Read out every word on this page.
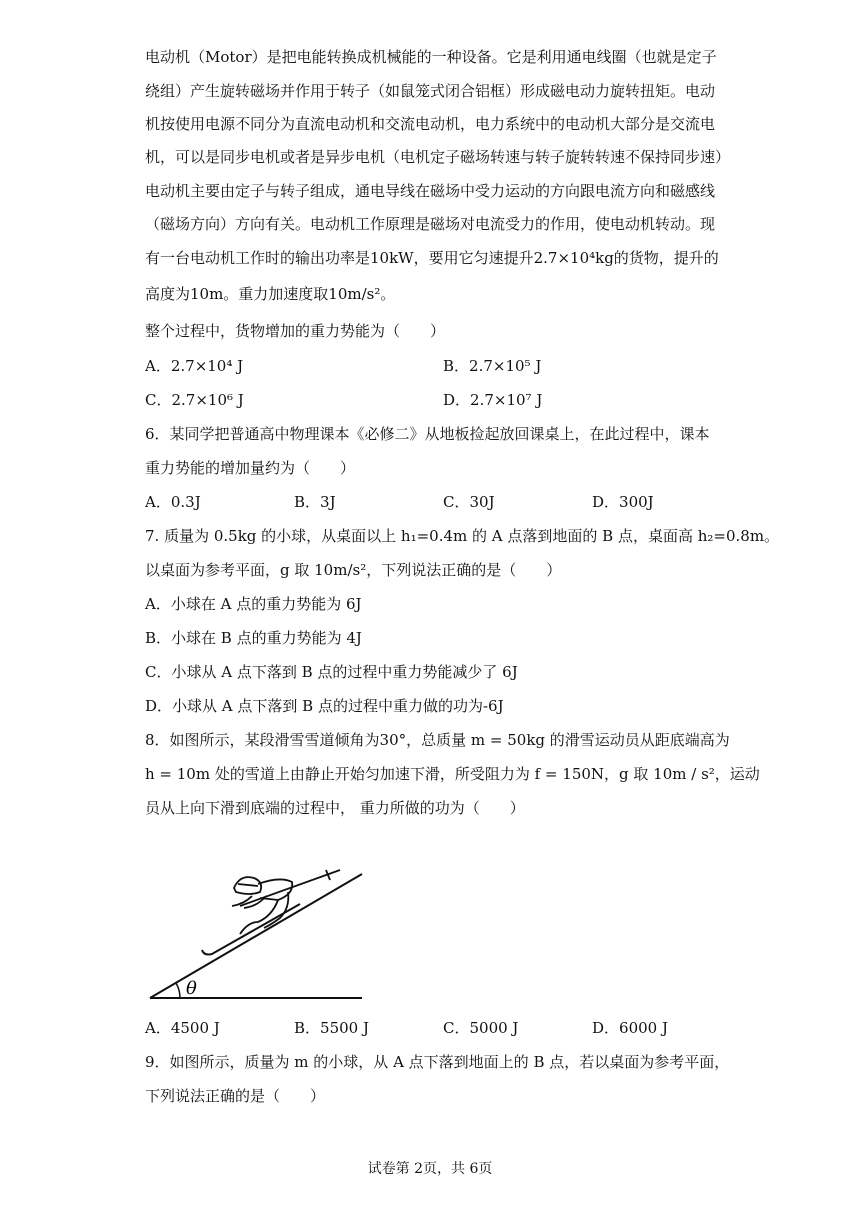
电动机（Motor）是把电能转换成机械能的一种设备。它是利用通电线圈（也就是定子
绕组）产生旋转磁场并作用于转子（如鼠笼式闭合铝框）形成磁电动力旋转扭矩。电动
机按使用电源不同分为直流电动机和交流电动机，电力系统中的电动机大部分是交流电
机，可以是同步电机或者是异步电机（电机定子磁场转速与转子旋转转速不保持同步速）
电动机主要由定子与转子组成，通电导线在磁场中受力运动的方向跟电流方向和磁感线
（磁场方向）方向有关。电动机工作原理是磁场对电流受力的作用，使电动机转动。现
有一台电动机工作时的输出功率是10kW，要用它匀速提升2.7×10⁴kg的货物，提升的
高度为10m。重力加速度取10m/s²。
整个过程中，货物增加的重力势能为（　　）
A．2.7×10⁴ J	B．2.7×10⁵ J
C．2.7×10⁶ J	D．2.7×10⁷ J
6．某同学把普通高中物理课本《必修二》从地板捡起放回课桌上，在此过程中，课本
重力势能的增加量约为（　　）
A．0.3J	B．3J	C．30J	D．300J
7. 质量为 0.5kg 的小球，从桌面以上 h₁=0.4m 的 A 点落到地面的 B 点，桌面高 h₂=0.8m。
以桌面为参考平面，g 取 10m/s²，下列说法正确的是（　　）
A．小球在 A 点的重力势能为 6J
B．小球在 B 点的重力势能为 4J
C．小球从 A 点下落到 B 点的过程中重力势能减少了 6J
D．小球从 A 点下落到 B 点的过程中重力做的功为-6J
8．如图所示，某段滑雪雪道倾角为30°，总质量 m = 50kg 的滑雪运动员从距底端高为
h = 10m 处的雪道上由静止开始匀加速下滑，所受阻力为 f = 150N，g 取 10m / s²，运动
员从上向下滑到底端的过程中， 重力所做的功为（　　）
θ
A．4500 J	B．5500 J	C．5000 J	D．6000 J
9．如图所示，质量为 m 的小球，从 A 点下落到地面上的 B 点，若以桌面为参考平面，
下列说法正确的是（　　）
试卷第 2页，共 6页
